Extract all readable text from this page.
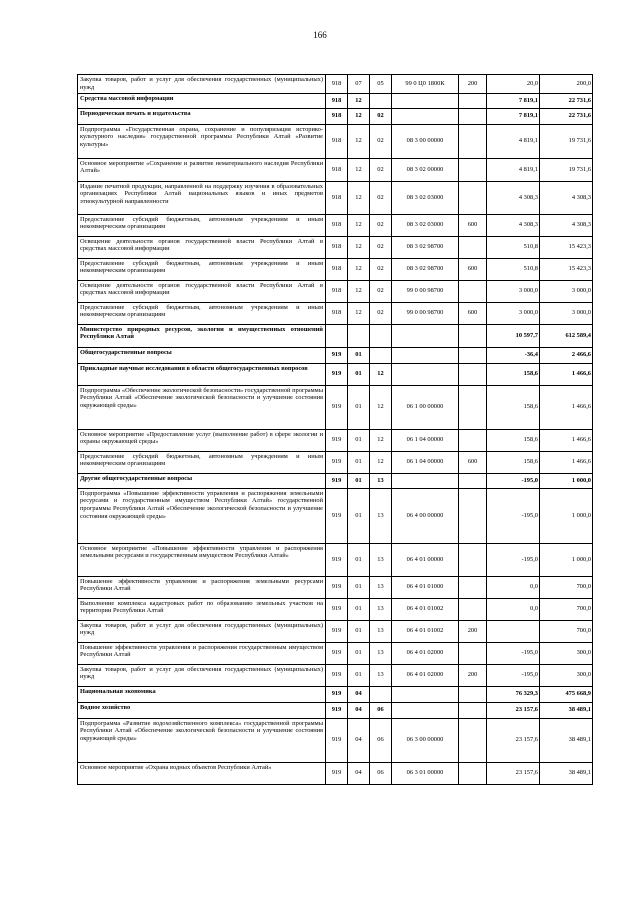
166
Закупка товаров, работ и услуг для обеспечения государственных (муниципальных) нужд	918	07	05	99 0 Ц0 1800К	200	20,0	200,0
Средства массовой информации	918	12				7 819,1	22 731,6
Периодическая печать и издательства	918	12	02			7 819,1	22 731,6
Подпрограмма «Государственная охрана, сохранение и популяризация историко-культурного наследия» государственной программы Республики Алтай «Развитие культуры»	918	12	02	08 3 00 00000		4 819,1	19 731,6
Основное мероприятие «Сохранение и развитие нематериального наследия Республики Алтай»	918	12	02	08 3 02 00000		4 819,1	19 731,6
Издание печатной продукции, направленной на поддержку изучения в образовательных организациях Республики Алтай национальных языков и иных предметов этнокультурной направленности	918	12	02	08 3 02 03000		4 308,3	4 308,3
Предоставление субсидий бюджетным, автономным учреждениям и иным некоммерческим организациям	918	12	02	08 3 02 03000	600	4 308,3	4 308,3
Освещение деятельности органов государственной власти Республики Алтай в средствах массовой информации	918	12	02	08 3 02 98700		510,8	15 423,3
Предоставление субсидий бюджетным, автономным учреждениям и иным некоммерческим организациям	918	12	02	08 3 02 98700	600	510,8	15 423,3
Освещение деятельности органов государственной власти Республики Алтай в средствах массовой информации	918	12	02	99 0 00 98700		3 000,0	3 000,0
Предоставление субсидий бюджетным, автономным учреждениям и иным некоммерческим организациям	918	12	02	99 0 00 98700	600	3 000,0	3 000,0
Министерство природных ресурсов, экологии и имущественных отношений Республики Алтай						10 597,7	612 589,4
Общегосударственные вопросы	919	01				-36,4	2 466,6
Прикладные научные исследования в области общегосударственных вопросов	919	01	12			158,6	1 466,6
Подпрограмма «Обеспечение экологической безопасности» государственной программы Республики Алтай «Обеспечение экологической безопасности и улучшение состояния окружающей среды»	919	01	12	06 1 00 00000		158,6	1 466,6
Основное мероприятие «Предоставление услуг (выполнение работ) в сфере экологии и охраны окружающей среды»	919	01	12	06 1 04 00000		158,6	1 466,6
Предоставление субсидий бюджетным, автономным учреждениям и иным некоммерческим организациям	919	01	12	06 1 04 00000	600	158,6	1 466,6
Другие общегосударственные вопросы	919	01	13			-195,0	1 000,0
Подпрограмма «Повышение эффективности управления и распоряжения земельными ресурсами и государственным имуществом Республики Алтай» государственной программы Республики Алтай «Обеспечение экологической безопасности и улучшение состояния окружающей среды»	919	01	13	06 4 00 00000		-195,0	1 000,0
Основное мероприятие «Повышение эффективности управления и распоряжения земельными ресурсами и государственным имуществом Республики Алтай»	919	01	13	06 4 01 00000		-195,0	1 000,0
Повышение эффективности управления и распоряжения земельными ресурсами Республики Алтай	919	01	13	06 4 01 01000		0,0	700,0
Выполнение комплекса кадастровых работ по образованию земельных участков на территории Республики Алтай	919	01	13	06 4 01 01002		0,0	700,0
Закупка товаров, работ и услуг для обеспечения государственных (муниципальных) нужд	919	01	13	06 4 01 01002	200		700,0
Повышение эффективности управления и распоряжения государственным имуществом Республики Алтай	919	01	13	06 4 01 02000		-195,0	300,0
Закупка товаров, работ и услуг для обеспечения государственных (муниципальных) нужд	919	01	13	06 4 01 02000	200	-195,0	300,0
Национальная экономика	919	04				76 329,3	475 668,9
Водное хозяйство	919	04	06			23 157,6	38 489,1
Подпрограмма «Развитие водохозяйственного комплекса» государственной программы Республики Алтай «Обеспечение экологической безопасности и улучшение состояния окружающей среды»	919	04	06	06 3 00 00000		23 157,6	38 489,1
Основное мероприятие «Охрана водных объектов Республики Алтай»	919	04	06	06 3 01 00000		23 157,6	38 489,1
